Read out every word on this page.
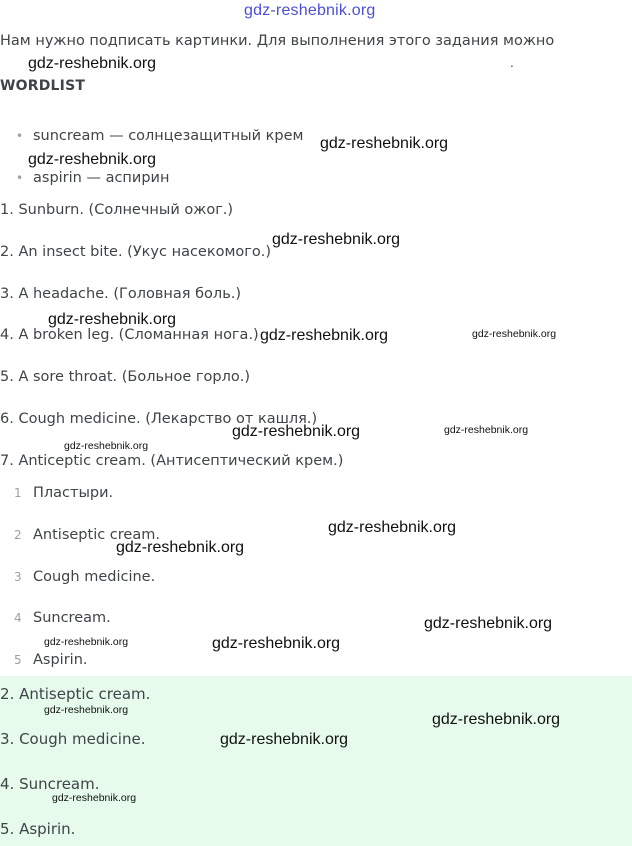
gdz-reshebnik.org
Нам нужно подписать картинки. Для выполнения этого задания можно
.
WORDLIST
• suncream — солнцезащитный крем
• aspirin — аспирин
1. Sunburn. (Солнечный ожог.)
2. An insect bite. (Укус насекомого.)
3. A headache. (Головная боль.)
4. A broken leg. (Сломанная нога.)
5. A sore throat. (Больное горло.)
6. Cough medicine. (Лекарство от кашля.)
7. Anticeptic cream. (Антисептический крем.)
1 Пластыри.
2 Antiseptic cream.
3 Cough medicine.
4 Suncream.
5 Aspirin.
2. Antiseptic cream.
3. Cough medicine.
4. Suncream.
5. Aspirin.
gdz-reshebnik.org
gdz-reshebnik.org
gdz-reshebnik.org
gdz-reshebnik.org
gdz-reshebnik.org
gdz-reshebnik.org	gdz-reshebnik.org
gdz-reshebnik.org	gdz-reshebnik.org
gdz-reshebnik.org
gdz-reshebnik.org
gdz-reshebnik.org
gdz-reshebnik.org
gdz-reshebnik.org	gdz-reshebnik.org
gdz-reshebnik.org
gdz-reshebnik.org
gdz-reshebnik.org
gdz-reshebnik.org
